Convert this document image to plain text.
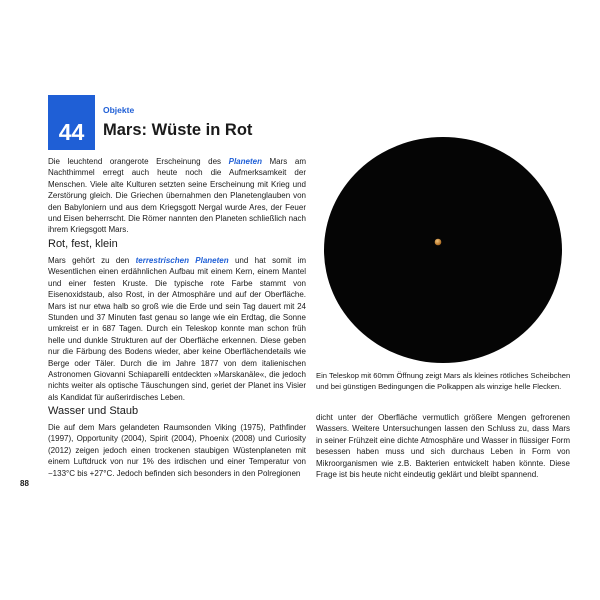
44
Objekte
Mars: Wüste in Rot

Die leuchtend orangerote Erscheinung des Planeten Mars am Nachthimmel erregt auch heute noch die Aufmerksamkeit der Menschen. Viele alte Kulturen setzten seine Erscheinung mit Krieg und Zerstörung gleich. Die Griechen übernahmen den Planetenglauben von den Babyloniern und aus dem Kriegsgott Nergal wurde Ares, der Feuer und Eisen beherrscht. Die Römer nannten den Planeten schließlich nach ihrem Kriegsgott Mars.

Rot, fest, klein

Mars gehört zu den terrestrischen Planeten und hat somit im Wesentlichen einen erdähnlichen Aufbau mit einem Kern, einem Mantel und einer festen Kruste. Die typische rote Farbe stammt von Eisenoxidstaub, also Rost, in der Atmosphäre und auf der Oberfläche. Mars ist nur etwa halb so groß wie die Erde und sein Tag dauert mit 24 Stunden und 37 Minuten fast genau so lange wie ein Erdtag, die Sonne umkreist er in 687 Tagen. Durch ein Teleskop konnte man schon früh helle und dunkle Strukturen auf der Oberfläche erkennen. Diese geben nur die Färbung des Bodens wieder, aber keine Oberflächendetails wie Berge oder Täler. Durch die im Jahre 1877 von dem italienischen Astronomen Giovanni Schiaparelli entdeckten »Marskanäle«, die jedoch nichts weiter als optische Täuschungen sind, geriet der Planet ins Visier als Kandidat für außerirdisches Leben.

Wasser und Staub

Die auf dem Mars gelandeten Raumsonden Viking (1975), Pathfinder (1997), Opportunity (2004), Spirit (2004), Phoenix (2008) und Curiosity (2012) zeigen jedoch einen trockenen staubigen Wüstenplaneten mit einem Luftdruck von nur 1% des irdischen und einer Temperatur von −133°C bis +27°C. Jedoch befinden sich besonders in den Polregionen

dicht unter der Oberfläche vermutlich größere Mengen gefrorenen Wassers. Weitere Untersuchungen lassen den Schluss zu, dass Mars in seiner Frühzeit eine dichte Atmosphäre und Wasser in flüssiger Form besessen haben muss und sich durchaus Leben in Form von Mikroorganismen wie z.B. Bakterien entwickelt haben könnte. Diese Frage ist bis heute nicht eindeutig geklärt und bleibt spannend.

Ein Teleskop mit 60mm Öffnung zeigt Mars als kleines rötliches Scheibchen und bei günstigen Bedingungen die Polkappen als winzige helle Flecken.
88
